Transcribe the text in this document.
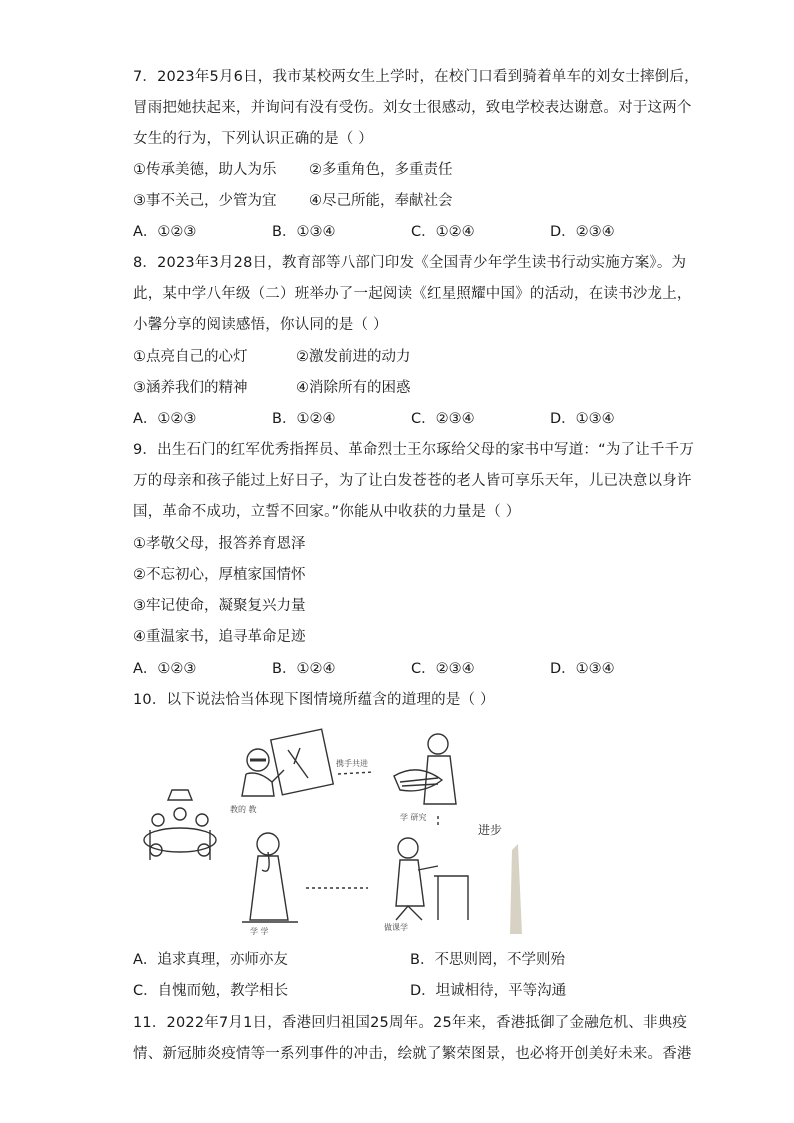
7．2023年5月6日，我市某校两女生上学时，在校门口看到骑着单车的刘女士摔倒后，
冒雨把她扶起来，并询问有没有受伤。刘女士很感动，致电学校表达谢意。对于这两个
女生的行为，下列认识正确的是（ ）
①传承美德，助人为乐 ②多重角色，多重责任
③事不关己，少管为宜 ④尽己所能，奉献社会
A．①②③	B．①③④	C．①②④	D．②③④
8．2023年3月28日，教育部等八部门印发《全国青少年学生读书行动实施方案》。为
此，某中学八年级（二）班举办了一起阅读《红星照耀中国》的活动，在读书沙龙上，
小馨分享的阅读感悟，你认同的是（ ）
①点亮自己的心灯	②激发前进的动力
③涵养我们的精神	④消除所有的困惑
A．①②③	B．①②④	C．②③④	D．①③④
9．出生石门的红军优秀指挥员、革命烈士王尔琢给父母的家书中写道：“为了让千千万
万的母亲和孩子能过上好日子，为了让白发苍苍的老人皆可享乐天年，儿已决意以身许
国，革命不成功，立誓不回家。”你能从中收获的力量是（ ）
①孝敬父母，报答养育恩泽
②不忘初心，厚植家国情怀
③牢记使命，凝聚复兴力量
④重温家书，追寻革命足迹
A．①②③	B．①②④	C．②③④	D．①③④
10．以下说法恰当体现下图情境所蕴含的道理的是（ ）
教的 教
携手共进
学 研究
进步
学 学	做课学
A．追求真理，亦师亦友	B．不思则罔，不学则殆
C．自愧而勉，教学相长	D．坦诚相待，平等沟通
11．2022年7月1日，香港回归祖国25周年。25年来，香港抵御了金融危机、非典疫
情、新冠肺炎疫情等一系列事件的冲击，绘就了繁荣图景，也必将开创美好未来。香港
